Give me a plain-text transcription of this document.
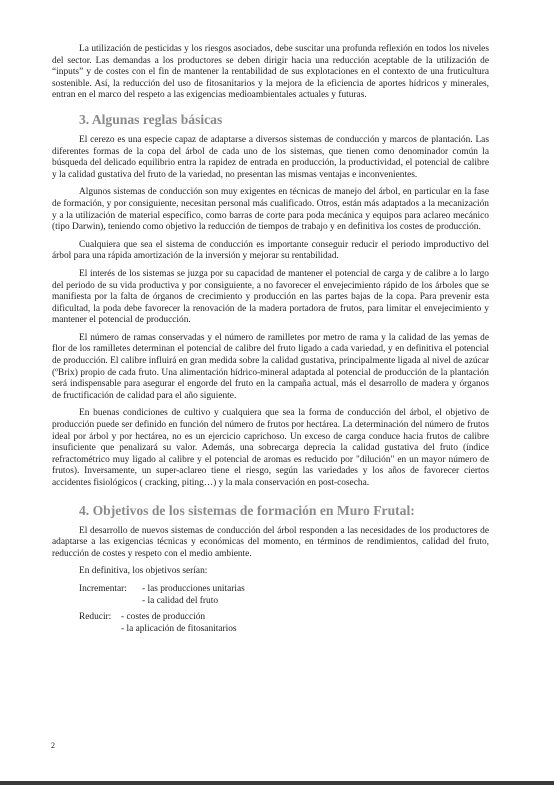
La utilización de pesticidas y los riesgos asociados, debe suscitar una profunda reflexión en todos los niveles del sector. Las demandas a los productores se deben dirigir hacia una reducción aceptable de la utilización de “inputs” y de costes con el fin de mantener la rentabilidad de sus explotaciones en el contexto de una fruticultura sostenible. Así, la reducción del uso de fitosanitarios y la mejora de la eficiencia de aportes hídricos y minerales, entran en el marco del respeto a las exigencias medioambientales actuales y futuras.

3. Algunas reglas básicas

El cerezo es una especie capaz de adaptarse a diversos sistemas de conducción y marcos de plantación. Las diferentes formas de la copa del árbol de cada uno de los sistemas, que tienen como denominador común la búsqueda del delicado equilibrio entra la rapidez de entrada en producción, la productividad, el potencial de calibre y la calidad gustativa del fruto de la variedad, no presentan las mismas ventajas e inconvenientes.

Algunos sistemas de conducción son muy exigentes en técnicas de manejo del árbol, en particular en la fase de formación, y por consiguiente, necesitan personal más cualificado. Otros, están más adaptados a la mecanización y a la utilización de material específico, como barras de corte para poda mecánica y equipos para aclareo mecánico (tipo Darwin), teniendo como objetivo la reducción de tiempos de trabajo y en definitiva los costes de producción.

Cualquiera que sea el sistema de conducción es importante conseguir reducir el periodo improductivo del árbol para una rápida amortización de la inversión y mejorar su rentabilidad.

El interés de los sistemas se juzga por su capacidad de mantener el potencial de carga y de calibre a lo largo del periodo de su vida productiva y por consiguiente, a no favorecer el envejecimiento rápido de los árboles que se manifiesta por la falta de órganos de crecimiento y producción en las partes bajas de la copa. Para prevenir esta dificultad, la poda debe favorecer la renovación de la madera portadora de frutos, para limitar el envejecimiento y mantener el potencial de producción.

El número de ramas conservadas y el número de ramilletes por metro de rama y la calidad de las yemas de flor de los ramilletes determinan el potencial de calibre del fruto ligado a cada variedad, y en definitiva el potencial de producción. El calibre influirá en gran medida sobre la calidad gustativa, principalmente ligada al nivel de azúcar (ºBrix) propio de cada fruto. Una alimentación hídrico-mineral adaptada al potencial de producción de la plantación será indispensable para asegurar el engorde del fruto en la campaña actual, más el desarrollo de madera y órganos de fructificación de calidad para el año siguiente.

En buenas condiciones de cultivo y cualquiera que sea la forma de conducción del árbol, el objetivo de producción puede ser definido en función del número de frutos por hectárea. La determinación del número de frutos ideal por árbol y por hectárea, no es un ejercicio caprichoso. Un exceso de carga conduce hacia frutos de calibre insuficiente que penalizará su valor. Además, una sobrecarga deprecia la calidad gustativa del fruto (índice refractométrico muy ligado al calibre y el potencial de aromas es reducido por "dilución" en un mayor número de frutos). Inversamente, un super-aclareo tiene el riesgo, según las variedades y los años de favorecer ciertos accidentes fisiológicos ( cracking, piting…) y la mala conservación en post-cosecha.

4. Objetivos de los sistemas de formación en Muro Frutal:

El desarrollo de nuevos sistemas de conducción del árbol responden a las necesidades de los productores de adaptarse a las exigencias técnicas y económicas del momento, en términos de rendimientos, calidad del fruto, reducción de costes y respeto con el medio ambiente.

En definitiva, los objetivos serían:

Incrementar:	- las producciones unitarias
- la calidad del fruto
Reducir:	- costes de producción
- la aplicación de fitosanitarios
2
